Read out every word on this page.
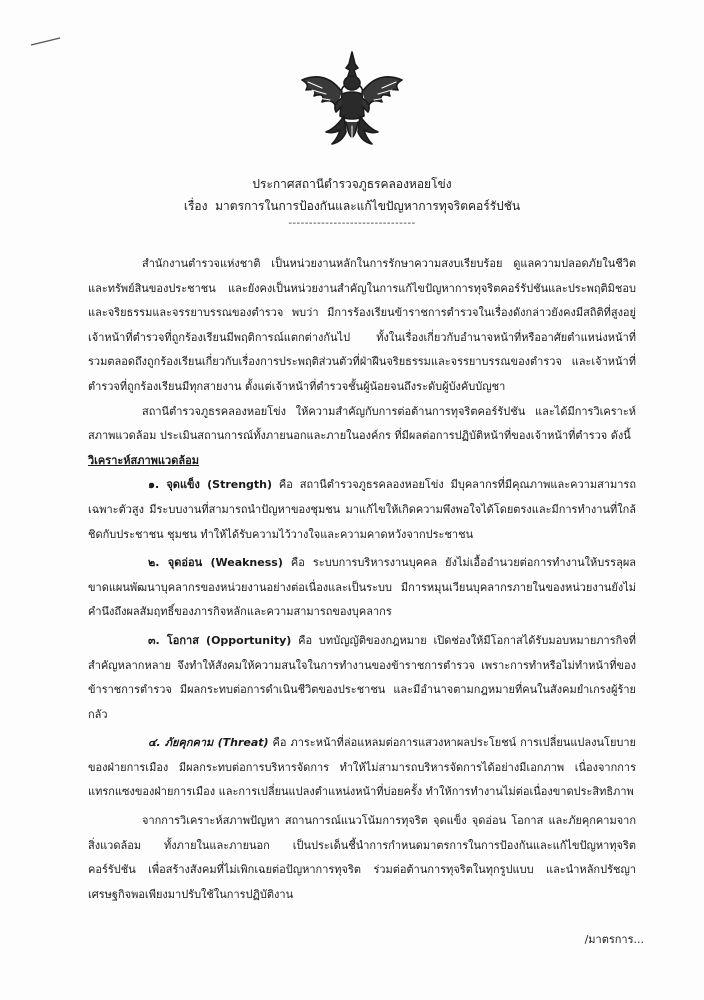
ประกาศสถานีตำรวจภูธรคลองหอยโข่ง
เรื่อง มาตรการในการป้องกันและแก้ไขปัญหาการทุจริตคอร์รัปชัน
-------------------------------

สำนักงานตำรวจแห่งชาติ เป็นหน่วยงานหลักในการรักษาความสงบเรียบร้อย ดูแลความปลอดภัยในชีวิตและทรัพย์สินของประชาชน และยังคงเป็นหน่วยงานสำคัญในการแก้ไขปัญหาการทุจริตคอร์รัปชันและประพฤติมิชอบและจริยธรรมและจรรยาบรรณของตำรวจ พบว่า มีการร้องเรียนข้าราชการตำรวจในเรื่องดังกล่าวยังคงมีสถิติที่สูงอยู่ เจ้าหน้าที่ตำรวจที่ถูกร้องเรียนมีพฤติการณ์แตกต่างกันไป ทั้งในเรื่องเกี่ยวกับอำนาจหน้าที่หรืออาศัยตำแหน่งหน้าที่ รวมตลอดถึงถูกร้องเรียนเกี่ยวกับเรื่องการประพฤติส่วนตัวที่ฝ่าฝืนจริยธรรมและจรรยาบรรณของตำรวจ และเจ้าหน้าที่ตำรวจที่ถูกร้องเรียนมีทุกสายงาน ตั้งแต่เจ้าหน้าที่ตำรวจชั้นผู้น้อยจนถึงระดับผู้บังคับบัญชา

สถานีตำรวจภูธรคลองหอยโข่ง ให้ความสำคัญกับการต่อต้านการทุจริตคอร์รัปชัน และได้มีการวิเคราะห์สภาพแวดล้อม ประเมินสถานการณ์ทั้งภายนอกและภายในองค์กร ที่มีผลต่อการปฏิบัติหน้าที่ของเจ้าหน้าที่ตำรวจ ดังนี้

วิเคราะห์สภาพแวดล้อม

๑. จุดแข็ง (Strength) คือ สถานีตำรวจภูธรคลองหอยโข่ง มีบุคลากรที่มีคุณภาพและความสามารถเฉพาะตัวสูง มีระบบงานที่สามารถนำปัญหาของชุมชน มาแก้ไขให้เกิดความพึงพอใจได้โดยตรงและมีการทำงานที่ใกล้ชิดกับประชาชน ชุมชน ทำให้ได้รับความไว้วางใจและความคาดหวังจากประชาชน

๒. จุดอ่อน (Weakness) คือ ระบบการบริหารงานบุคคล ยังไม่เอื้ออำนวยต่อการทำงานให้บรรลุผล ขาดแผนพัฒนาบุคลากรของหน่วยงานอย่างต่อเนื่องและเป็นระบบ มีการหมุนเวียนบุคลากรภายในของหน่วยงานยังไม่คำนึงถึงผลสัมฤทธิ์ของภารกิจหลักและความสามารถของบุคลากร

๓. โอกาส (Opportunity) คือ บทบัญญัติของกฎหมาย เปิดช่องให้มีโอกาสได้รับมอบหมายภารกิจที่สำคัญหลากหลาย จึงทำให้สังคมให้ความสนใจในการทำงานของข้าราชการตำรวจ เพราะการทำหรือไม่ทำหน้าที่ของข้าราชการตำรวจ มีผลกระทบต่อการดำเนินชีวิตของประชาชน และมีอำนาจตามกฎหมายที่คนในสังคมยำเกรงผู้ร้ายกลัว

๔. ภัยคุกคาม (Threat) คือ ภาระหน้าที่ล่อแหลมต่อการแสวงหาผลประโยชน์ การเปลี่ยนแปลงนโยบายของฝ่ายการเมือง มีผลกระทบต่อการบริหารจัดการ ทำให้ไม่สามารถบริหารจัดการได้อย่างมีเอกภาพ เนื่องจากการแทรกแซงของฝ่ายการเมือง และการเปลี่ยนแปลงตำแหน่งหน้าที่บ่อยครั้ง ทำให้การทำงานไม่ต่อเนื่องขาดประสิทธิภาพ

จากการวิเคราะห์สภาพปัญหา สถานการณ์แนวโน้มการทุจริต จุดแข็ง จุดอ่อน โอกาส และภัยคุกคามจากสิ่งแวดล้อม ทั้งภายในและภายนอก เป็นประเด็นชี้นำการกำหนดมาตรการในการป้องกันและแก้ไขปัญหาทุจริตคอร์รัปชัน เพื่อสร้างสังคมที่ไม่เพิกเฉยต่อปัญหาการทุจริต ร่วมต่อต้านการทุจริตในทุกรูปแบบ และนำหลักปรัชญาเศรษฐกิจพอเพียงมาปรับใช้ในการปฏิบัติงาน

/มาตรการ...
